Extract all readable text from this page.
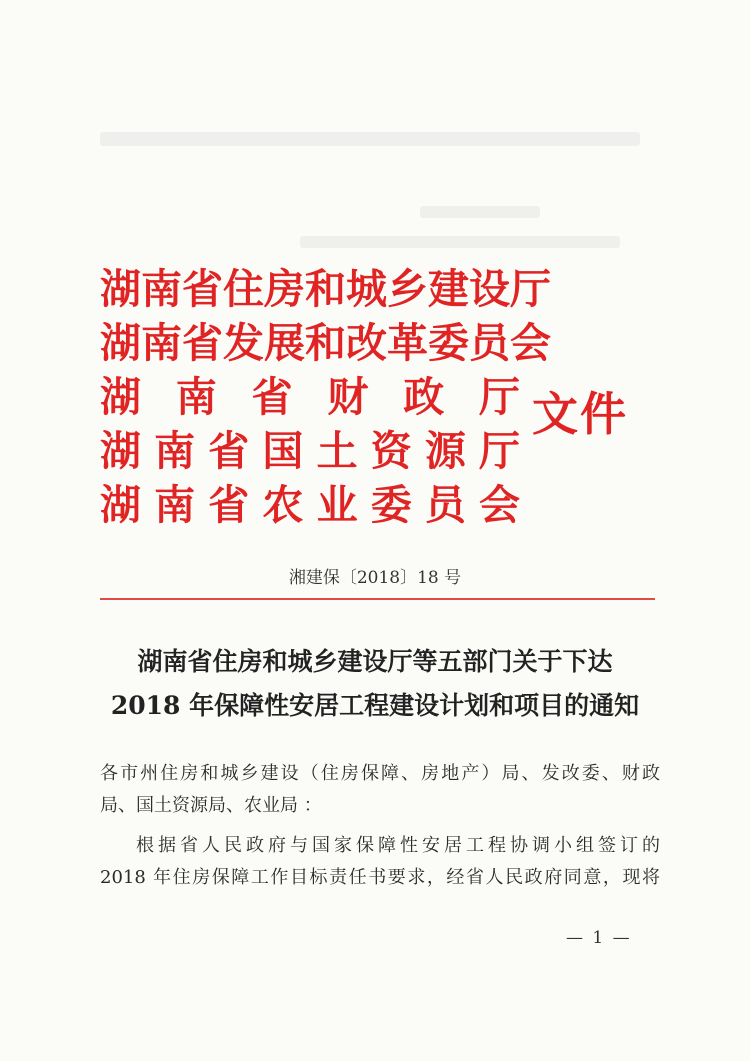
湖 南 省 住 房 和 城 乡 建 设 厅
湖 南 省 发 展 和 改 革 委 员 会
湖 南 省 财 政 厅
湖 南 省 国 土 资 源 厅
湖 南 省 农 业 委 员 会
文件
湘建保〔2018〕18 号
湖南省住房和城乡建设厅等五部门关于下达
2018 年保障性安居工程建设计划和项目的通知

各市州住房和城乡建设（住房保障、房地产）局、发改委、财政

局、国土资源局、农业局 ：

根据省人民政府与国家保障性安居工程协调小组签订的

2018 年住房保障工作目标责任书要求，经省人民政府同意，现将

— 1 —
